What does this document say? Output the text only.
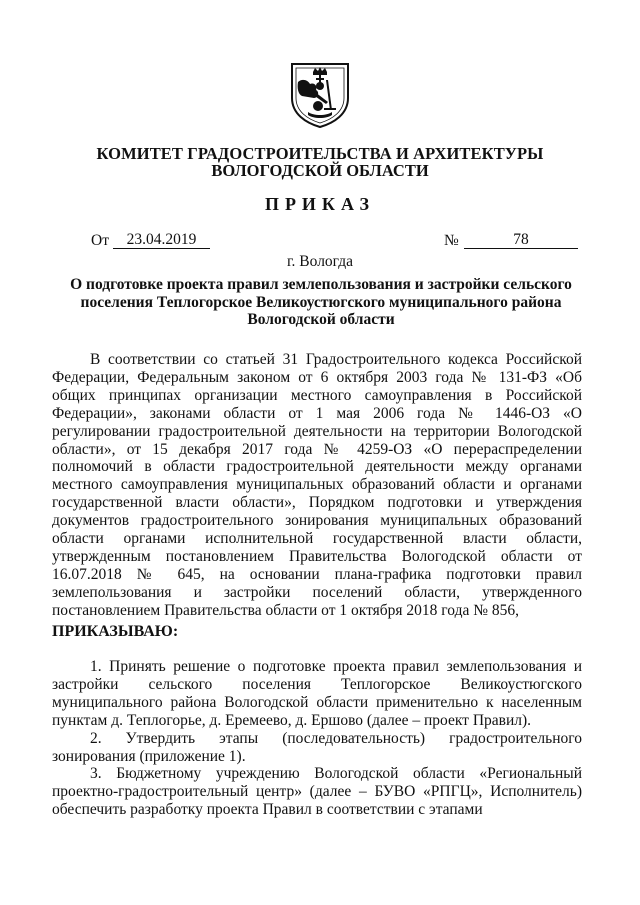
КОМИТЕТ ГРАДОСТРОИТЕЛЬСТВА И АРХИТЕКТУРЫ
ВОЛОГОДСКОЙ ОБЛАСТИ
ПРИКАЗ
От	23.04.2019	№	78
г. Вологда
О подготовке проекта правил землепользования и застройки сельского поселения Теплогорское Великоустюгского муниципального района Вологодской области
В соответствии со статьей 31 Градостроительного кодекса Российской Федерации, Федеральным законом от 6 октября 2003 года № 131-ФЗ «Об общих принципах организации местного самоуправления в Российской Федерации», законами области от 1 мая 2006 года № 1446-ОЗ «О регулировании градостроительной деятельности на территории Вологодской области», от 15 декабря 2017 года № 4259-ОЗ «О перераспределении полномочий в области градостроительной деятельности между органами местного самоуправления муниципальных образований области и органами государственной власти области», Порядком подготовки и утверждения документов градостроительного зонирования муниципальных образований области органами исполнительной государственной власти области, утвержденным постановлением Правительства Вологодской области от 16.07.2018 № 645, на основании плана-графика подготовки правил землепользования и застройки поселений области, утвержденного постановлением Правительства области от 1 октября 2018 года № 856,
ПРИКАЗЫВАЮ:

1. Принять решение о подготовке проекта правил землепользования и застройки сельского поселения Теплогорское Великоустюгского муниципального района Вологодской области применительно к населенным пунктам д. Теплогорье, д. Еремеево, д. Ершово (далее – проект Правил).

2. Утвердить этапы (последовательность) градостроительного зонирования (приложение 1).

3. Бюджетному учреждению Вологодской области «Региональный проектно-градостроительный центр» (далее – БУВО «РПГЦ», Исполнитель) обеспечить разработку проекта Правил в соответствии с этапами
